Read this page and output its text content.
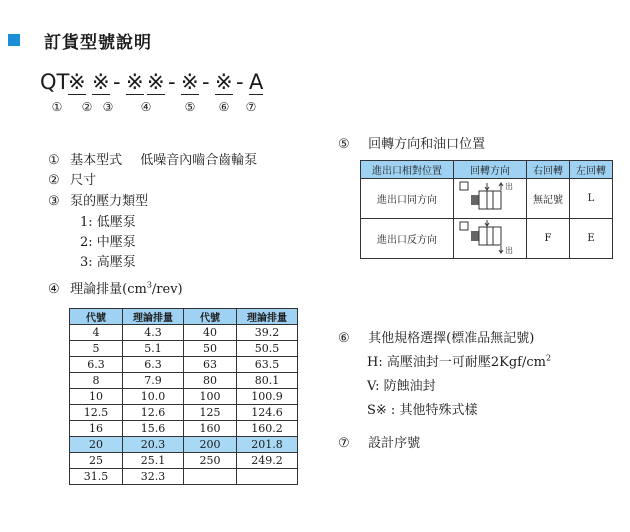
訂貨型號說明
QT
※ ※ - ※ ※ - ※ - ※ - A
① ② ③ ④	⑤ ⑥ ⑦
① 基本型式 低噪音內嚙合齒輪泵
② 尺寸
③ 泵的壓力類型
1: 低壓泵
2: 中壓泵
3: 高壓泵
④ 理論排量$(cm^3/rev)$
代號	理論排量	代號	理論排量
4	4.3	40	39.2
5	5.1	50	50.5
6.3	6.3	63	63.5
8	7.9	80	80.1
10	10.0	100	100.9
12.5	12.6	125	124.6
16	15.6	160	160.2
20	20.3	200	201.8
25	25.1	250	249.2
31.5	32.3		
⑤ 回轉方向和油口位置
進出口相對位置	回轉方向	右回轉	左回轉
進出口同方向	出	無記號	L
進出口反方向	出	F	E
⑥ 其他規格選擇(標准品無記號)
H: 高壓油封一可耐壓$2Kgf/cm^2$
V: 防蝕油封
S※ : 其他特殊式樣
⑦ 設計序號
